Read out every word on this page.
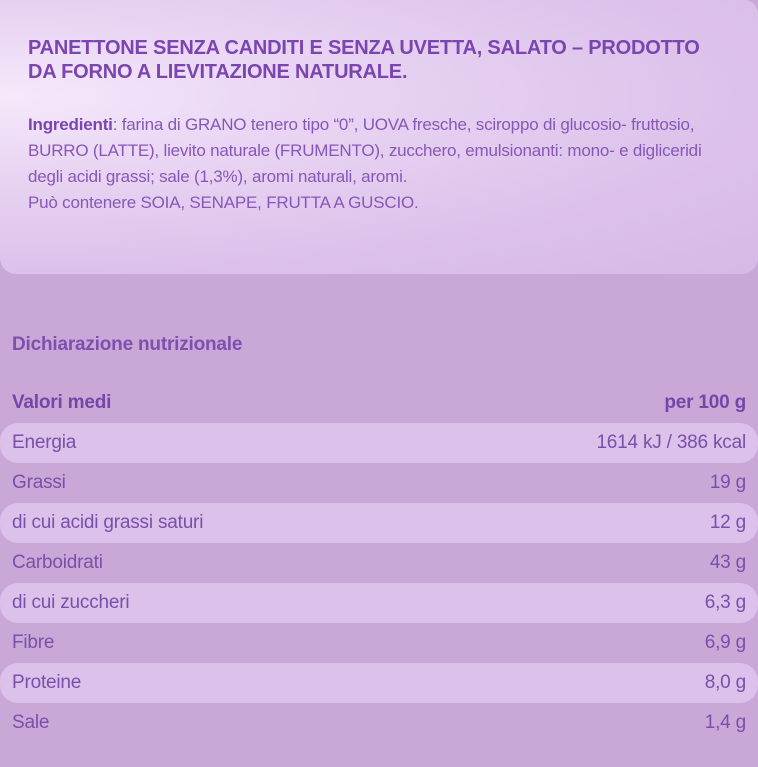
PANETTONE SENZA CANDITI E SENZA UVETTA, SALATO – PRODOTTO DA FORNO A LIEVITAZIONE NATURALE.

Ingredienti: farina di GRANO tenero tipo “0”, UOVA fresche, sciroppo di glucosio- fruttosio, BURRO (LATTE), lievito naturale (FRUMENTO), zucchero, emulsionanti: mono- e digliceridi degli acidi grassi; sale (1,3%), aromi naturali, aromi.

Può contenere SOIA, SENAPE, FRUTTA A GUSCIO.

Dichiarazione nutrizionale
Valori medi	per 100 g
Energia	1614 kJ / 386 kcal
Grassi	19 g
di cui acidi grassi saturi	12 g
Carboidrati	43 g
di cui zuccheri	6,3 g
Fibre	6,9 g
Proteine	8,0 g
Sale	1,4 g
